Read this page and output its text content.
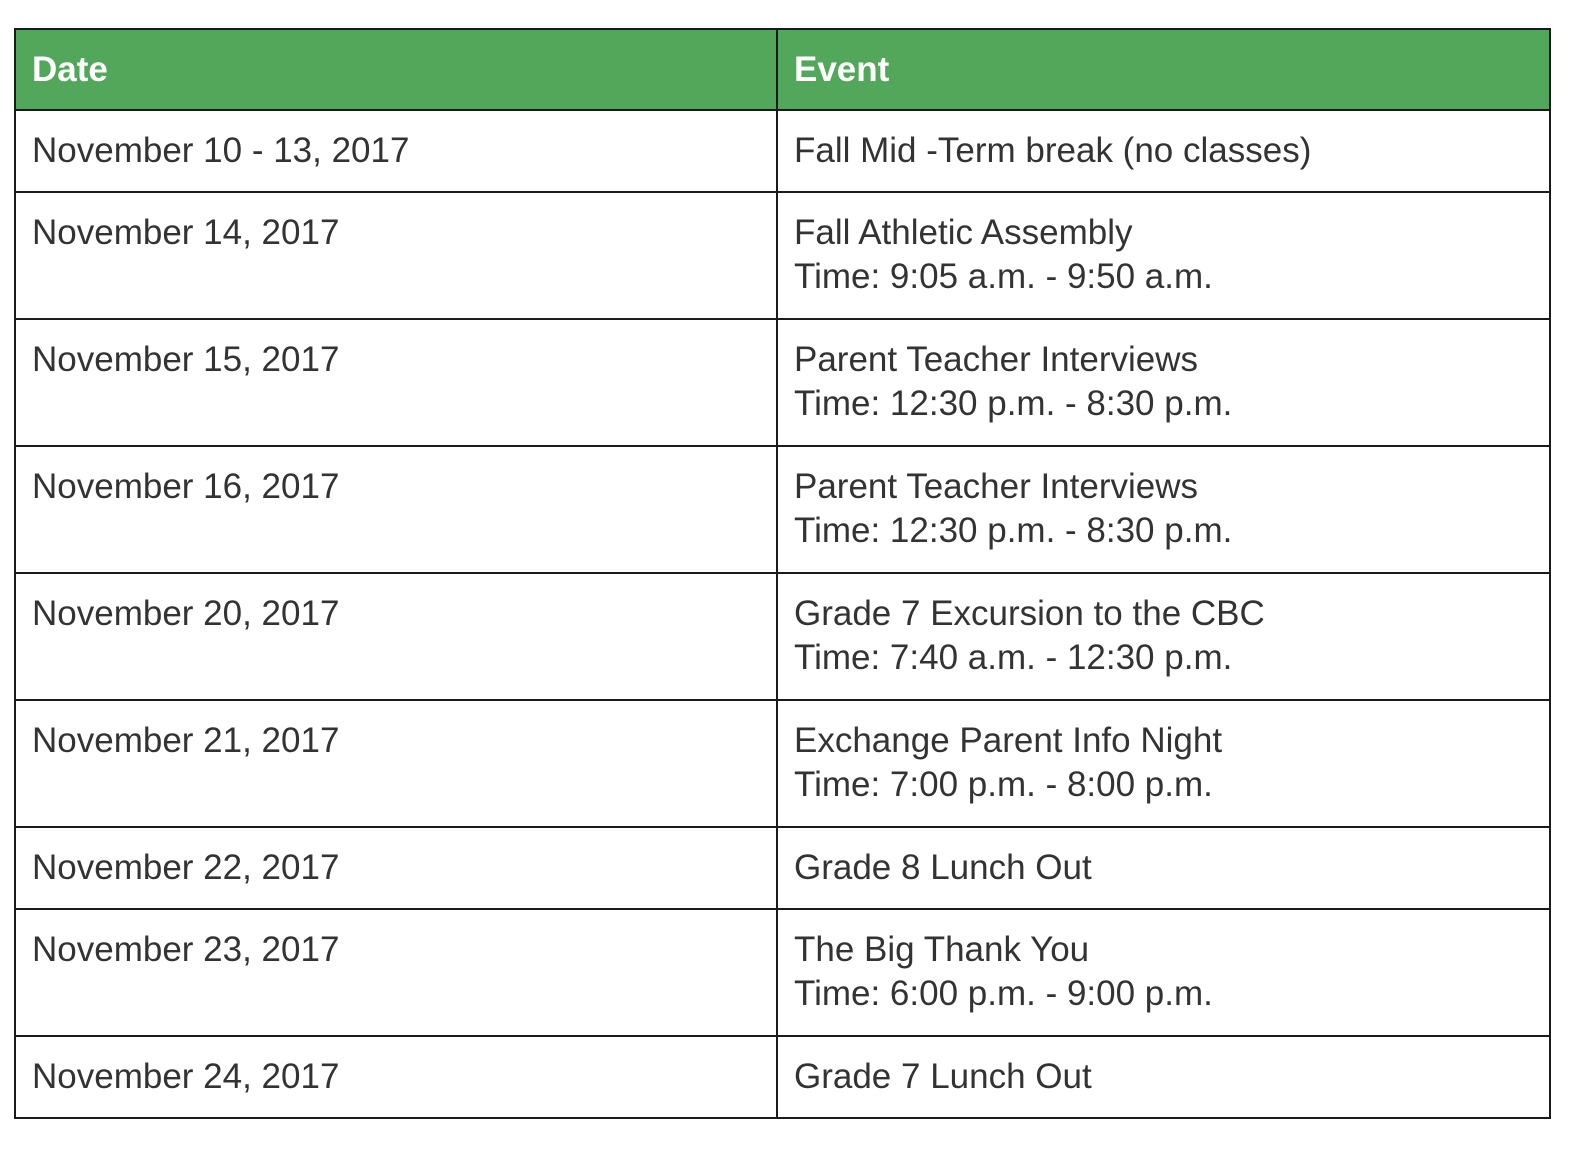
Date	Event
November 10 - 13, 2017	Fall Mid -Term break (no classes)

November 14, 2017	Fall Athletic Assembly
Time: 9:05 a.m. - 9:50 a.m.

November 15, 2017	Parent Teacher Interviews
Time: 12:30 p.m. - 8:30 p.m.

November 16, 2017	Parent Teacher Interviews
Time: 12:30 p.m. - 8:30 p.m.

November 20, 2017	Grade 7 Excursion to the CBC
Time: 7:40 a.m. - 12:30 p.m.

November 21, 2017	Exchange Parent Info Night
Time: 7:00 p.m. - 8:00 p.m.

November 22, 2017	Grade 8 Lunch Out

November 23, 2017	The Big Thank You
Time: 6:00 p.m. - 9:00 p.m.

November 24, 2017	Grade 7 Lunch Out
